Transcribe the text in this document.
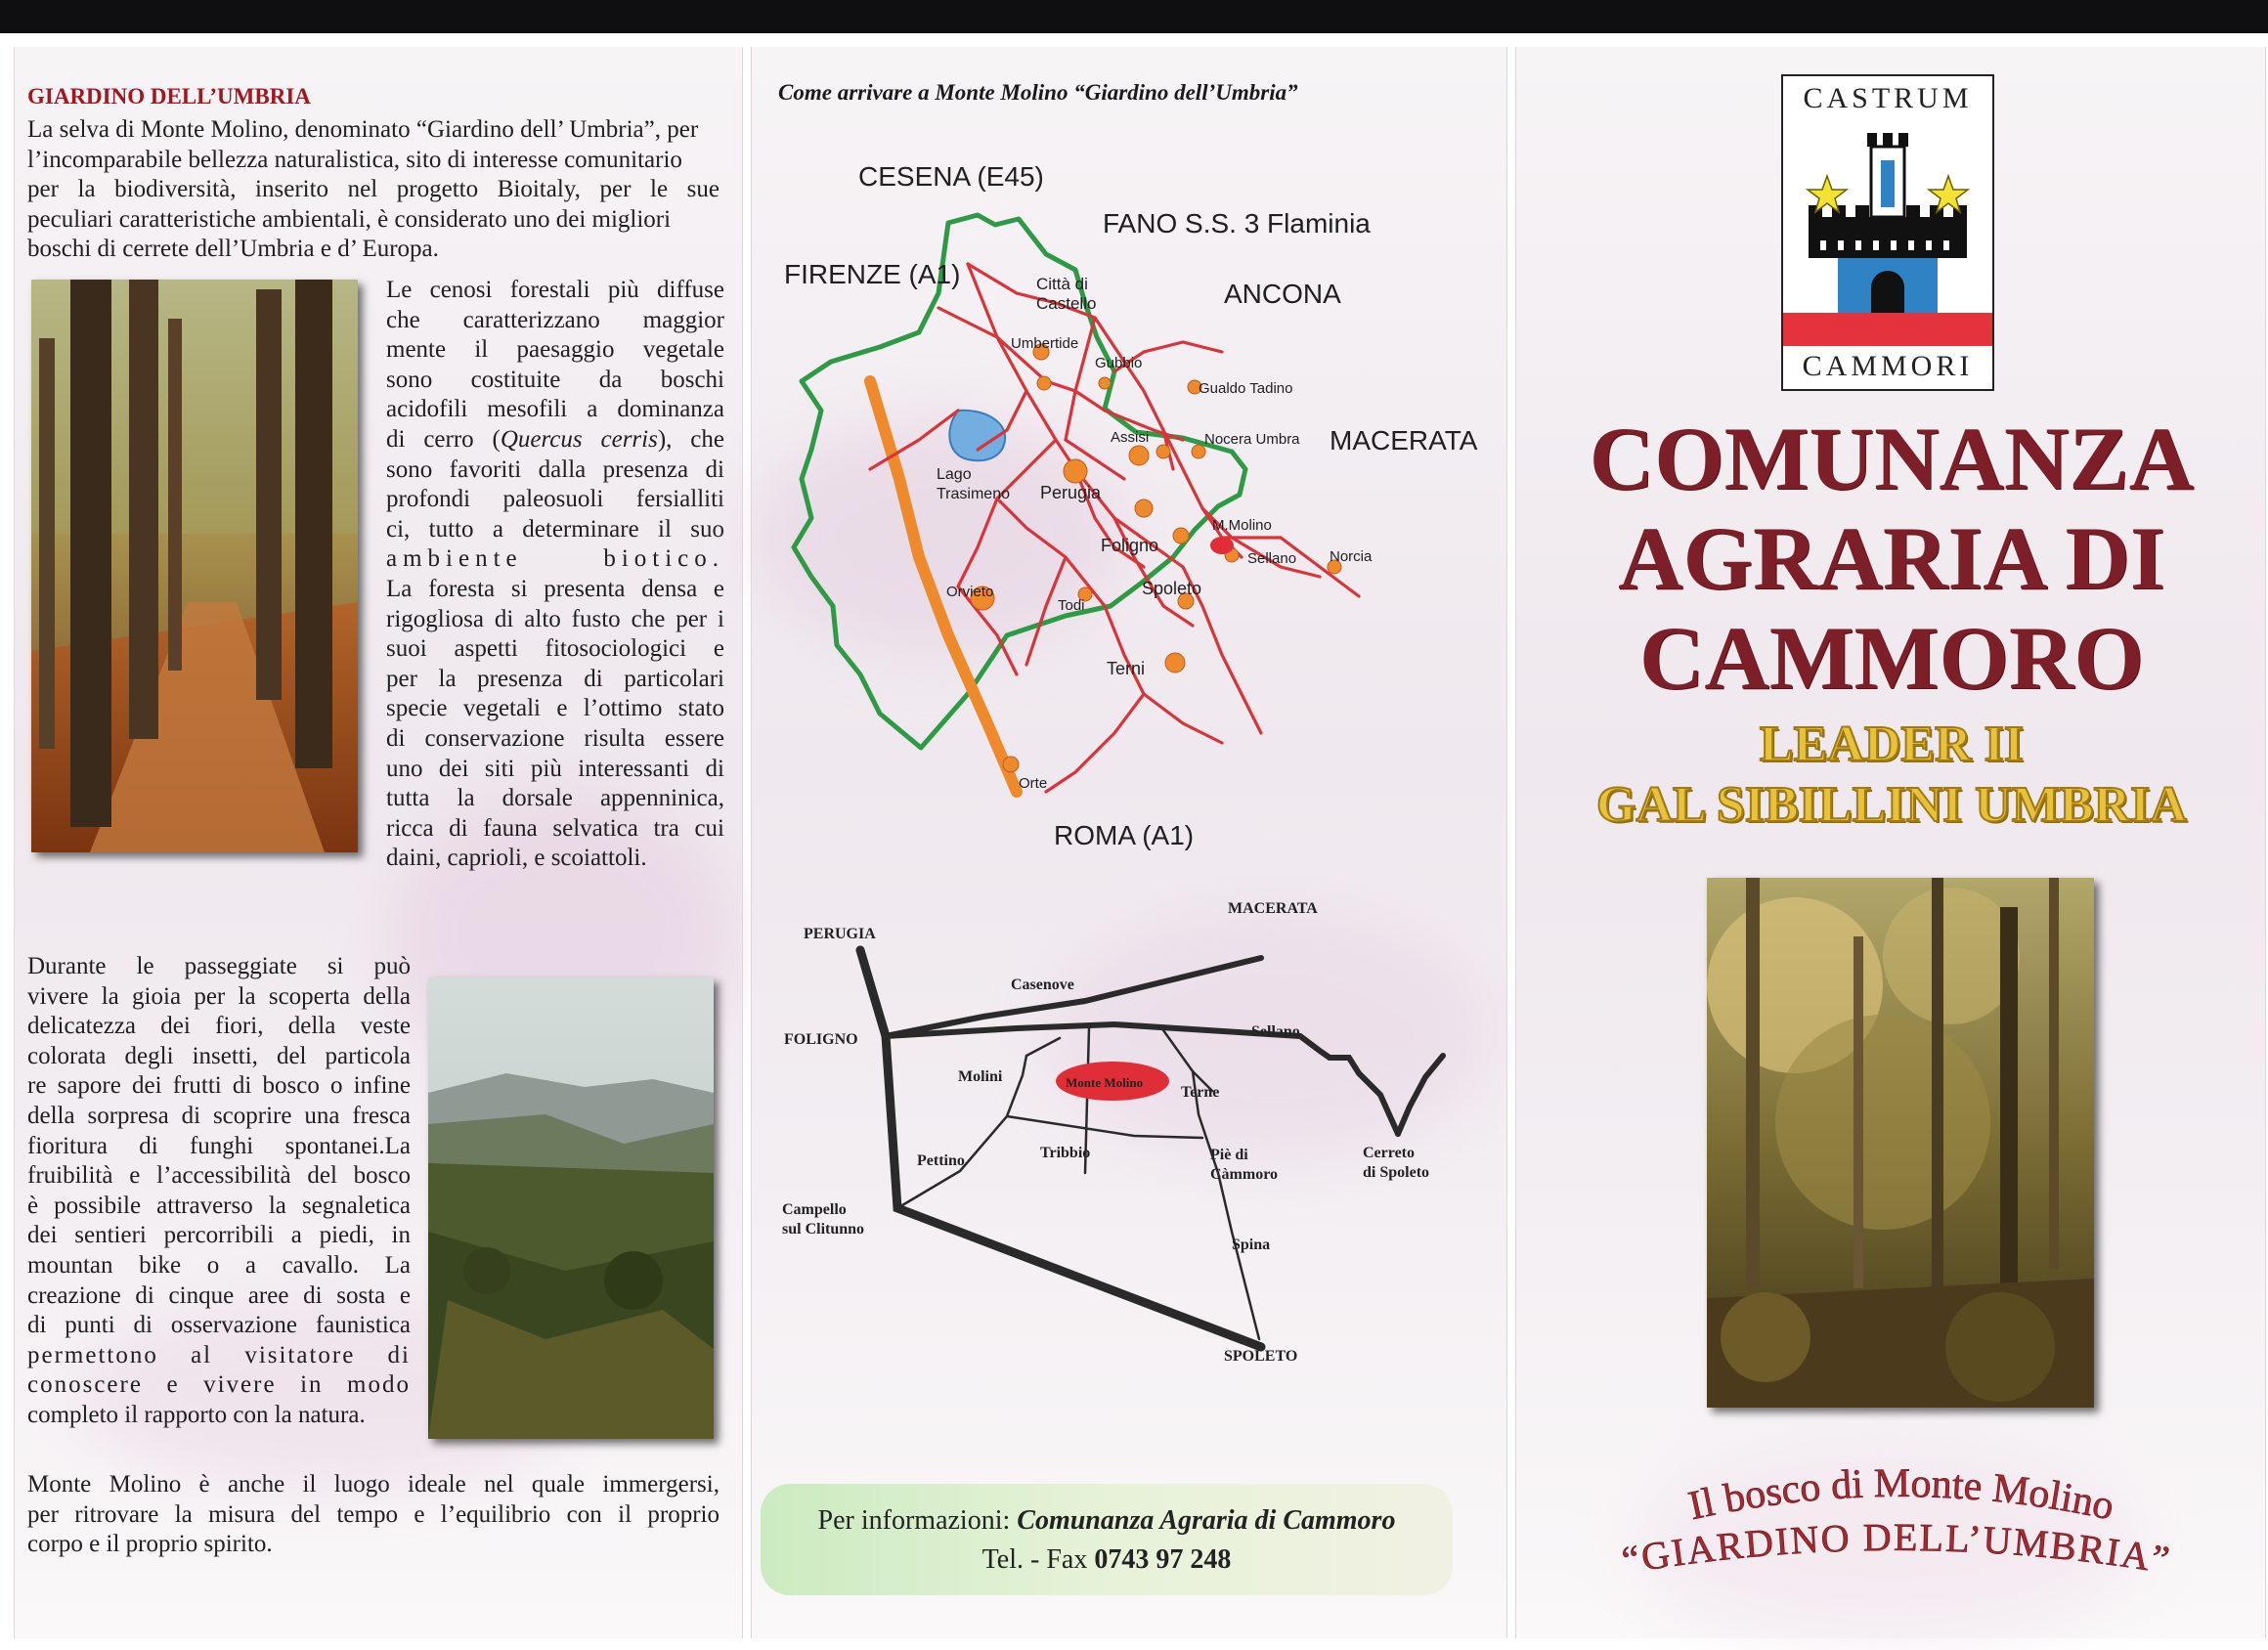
GIARDINO DELL’UMBRIA
La selva di Monte Molino, denominato “Giardino dell’ Umbria”, per
l’incomparabile bellezza naturalistica, sito di interesse comunitario
per la biodiversità, inserito nel progetto Bioitaly, per le sue
peculiari caratteristiche ambientali, è considerato uno dei migliori
boschi di cerrete dell’Umbria e d’ Europa.
Le cenosi forestali più diffuse
che caratterizzano maggior
mente il paesaggio vegetale
sono costituite da boschi
acidofili mesofili a dominanza
di cerro (Quercus cerris), che
sono favoriti dalla presenza di
profondi paleosuoli fersialliti
ci, tutto a determinare il suo
ambiente biotico.
La foresta si presenta densa e
rigogliosa di alto fusto che per i
suoi aspetti fitosociologici e
per la presenza di particolari
specie vegetali e l’ottimo stato
di conservazione risulta essere
uno dei siti più interessanti di
tutta la dorsale appenninica,
ricca di fauna selvatica tra cui
daini, caprioli, e scoiattoli.
Durante le passeggiate si può
vivere la gioia per la scoperta della
delicatezza dei fiori, della veste
colorata degli insetti, del particola
re sapore dei frutti di bosco o infine
della sorpresa di scoprire una fresca
fioritura di funghi spontanei.La
fruibilità e l’accessibilità del bosco
è possibile attraverso la segnaletica
dei sentieri percorribili a piedi, in
mountan bike o a cavallo. La
creazione di cinque aree di sosta e
di punti di osservazione faunistica
permettono al visitatore di
conoscere e vivere in modo
completo il rapporto con la natura.
Monte Molino è anche il luogo ideale nel quale immergersi,
per ritrovare la misura del tempo e l’equilibrio con il proprio
corpo e il proprio spirito.
Come arrivare a Monte Molino “Giardino dell’Umbria”
CESENA (E45)
FANO S.S. 3 Flaminia
FIRENZE (A1)
ANCONA
MACERATA
ROMA (A1)
Città di
Castello
Umbertide
Gubbio
Gualdo Tadino
Assisi	Nocera Umbra
Lago
Trasimeno Perugia
M.Molino
Foligno
Sellano Norcia
Orvieto
Todi
Spoleto
Terni
Orte
Monte Molino
PERUGIA
MACERATA
Casenove
FOLIGNO	Sellano
Molini
Terne
Tribbio	Piè di
Càmmoro
Cerreto
di Spoleto
Pettino
Campello
sul Clitunno
Spina
SPOLETO
Per informazioni: Comunanza Agraria di Cammoro
Tel. - Fax 0743 97 248
CASTRUM
CAMMORI
COMUNANZA
AGRARIA DI
CAMMORO
LEADER II
GAL SIBILLINI UMBRIA
Il bosco di Monte Molino
“GIARDINO DELL’UMBRIA”
